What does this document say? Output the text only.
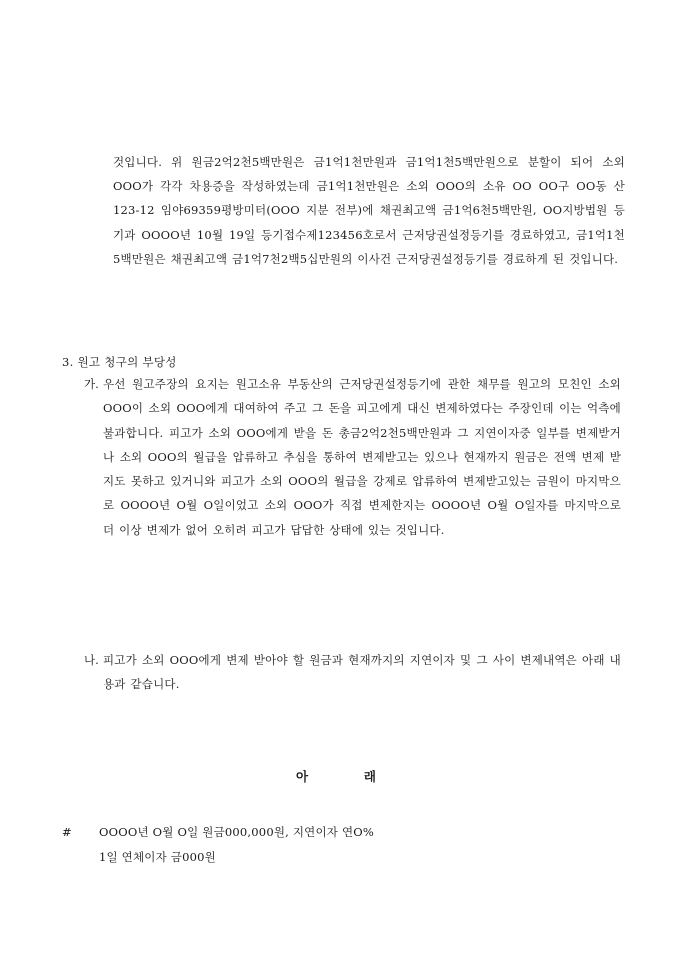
것입니다. 위 원금2억2천5백만원은 금1억1천만원과 금1억1천5백만원으로 분할이 되어 소외 OOO가 각각 차용증을 작성하였는데 금1억1천만원은 소외 OOO의 소유 OO OO구 OO동 산123-12 임야69359평방미터(OOO 지분 전부)에 채권최고액 금1억6천5백만원, OO지방법원 등기과 OOOO년 10월 19일 등기접수제123456호로서 근저당권설정등기를 경료하였고, 금1억1천5백만원은 채권최고액 금1억7천2백5십만원의 이사건 근저당권설정등기를 경료하게 된 것입니다.

3. 원고 청구의 부당성

가. 우선 원고주장의 요지는 원고소유 부동산의 근저당권설정등기에 관한 채무를 원고의 모친인 소외 OOO이 소외 OOO에게 대여하여 주고 그 돈을 피고에게 대신 변제하였다는 주장인데 이는 억측에 불과합니다. 피고가 소외 OOO에게 받을 돈 총금2억2천5백만원과 그 지연이자중 일부를 변제받거나 소외 OOO의 월급을 압류하고 추심을 통하여 변제받고는 있으나 현재까지 원금은 전액 변제 받지도 못하고 있거니와 피고가 소외 OOO의 월급을 강제로 압류하여 변제받고있는 금원이 마지막으로 OOOO년 O월 O일이었고 소외 OOO가 직접 변제한지는 OOOO년 O월 O일자를 마지막으로 더 이상 변제가 없어 오히려 피고가 답답한 상태에 있는 것입니다.

나. 피고가 소외 OOO에게 변제 받아야 할 원금과 현재까지의 지연이자 및 그 사이 변제내역은 아래 내용과 같습니다.

아	래
# OOOO년 O월 O일 원금000,000원, 지연이자 연O%
1일 연체이자 금000원
